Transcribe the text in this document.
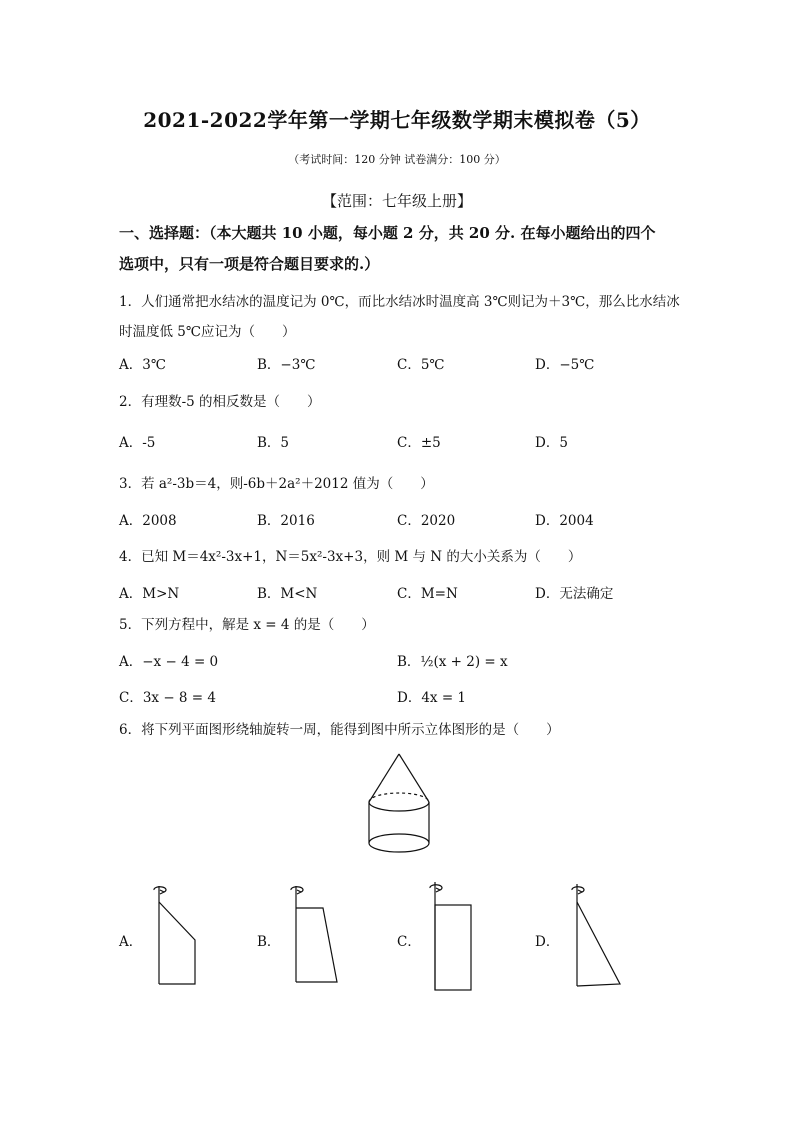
2021-2022学年第一学期七年级数学期末模拟卷（5）
（考试时间：120 分钟 试卷满分：100 分）
【范围：七年级上册】
一、选择题：（本大题共 10 小题，每小题 2 分，共 20 分. 在每小题给出的四个
选项中，只有一项是符合题目要求的.）
1．人们通常把水结冰的温度记为 0℃，而比水结冰时温度高 3℃则记为＋3℃，那么比水结冰
时温度低 5℃应记为（　　）
A．3℃	B．−3℃	C．5℃	D．−5℃
2．有理数-5 的相反数是（　　）
A．-5	B．5	C．±5	D．5
3．若 a²-3b＝4，则-6b＋2a²＋2012 值为（　　）
A．2008	B．2016	C．2020	D．2004
4．已知 M＝4x²-3x+1，N＝5x²-3x+3，则 M 与 N 的大小关系为（　　）
A．M>N	B．M<N	C．M=N	D．无法确定
5．下列方程中，解是 x = 4 的是（　　）
A．−x − 4 = 0	B．½(x + 2) = x
C．3x − 8 = 4	D．4x = 1
6．将下列平面图形绕轴旋转一周，能得到图中所示立体图形的是（　　）
A．	B．	C．	D．
